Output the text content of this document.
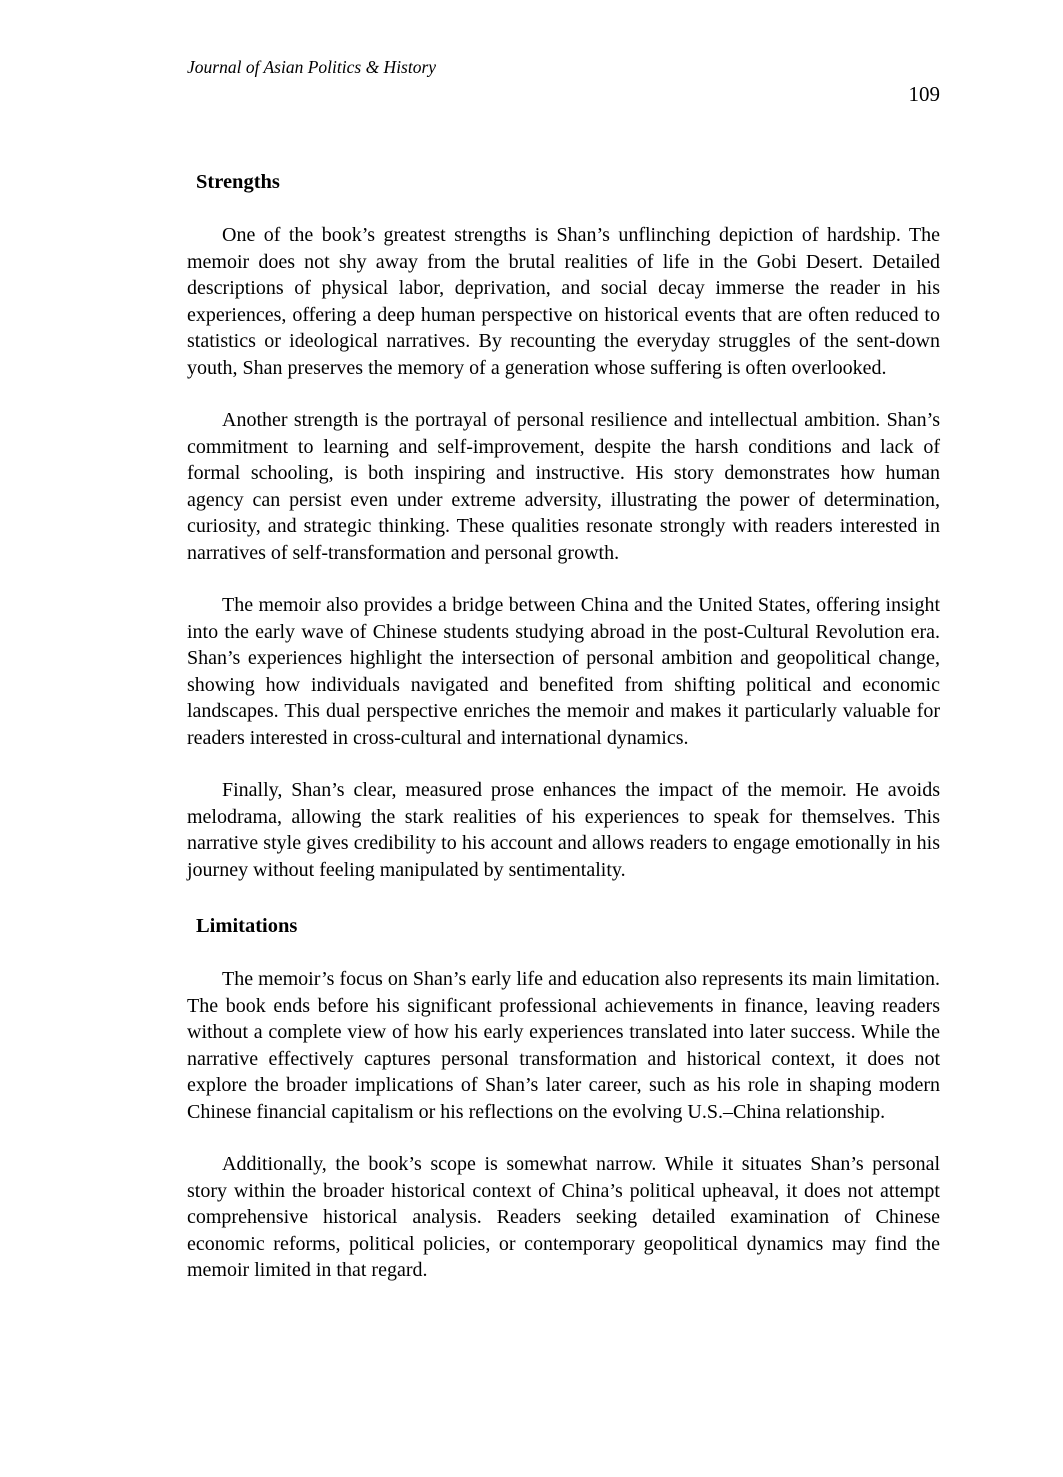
Journal of Asian Politics & History
109
Strengths

One of the book’s greatest strengths is Shan’s unflinching depiction of hardship. The memoir does not shy away from the brutal realities of life in the Gobi Desert. Detailed descriptions of physical labor, deprivation, and social decay immerse the reader in his experiences, offering a deep human perspective on historical events that are often reduced to statistics or ideological narratives. By recounting the everyday struggles of the sent-down youth, Shan preserves the memory of a generation whose suffering is often overlooked.

Another strength is the portrayal of personal resilience and intellectual ambition. Shan’s commitment to learning and self-improvement, despite the harsh conditions and lack of formal schooling, is both inspiring and instructive. His story demonstrates how human agency can persist even under extreme adversity, illustrating the power of determination, curiosity, and strategic thinking. These qualities resonate strongly with readers interested in narratives of self-transformation and personal growth.

The memoir also provides a bridge between China and the United States, offering insight into the early wave of Chinese students studying abroad in the post-Cultural Revolution era. Shan’s experiences highlight the intersection of personal ambition and geopolitical change, showing how individuals navigated and benefited from shifting political and economic landscapes. This dual perspective enriches the memoir and makes it particularly valuable for readers interested in cross-cultural and international dynamics.

Finally, Shan’s clear, measured prose enhances the impact of the memoir. He avoids melodrama, allowing the stark realities of his experiences to speak for themselves. This narrative style gives credibility to his account and allows readers to engage emotionally in his journey without feeling manipulated by sentimentality.

Limitations

The memoir’s focus on Shan’s early life and education also represents its main limitation. The book ends before his significant professional achievements in finance, leaving readers without a complete view of how his early experiences translated into later success. While the narrative effectively captures personal transformation and historical context, it does not explore the broader implications of Shan’s later career, such as his role in shaping modern Chinese financial capitalism or his reflections on the evolving U.S.–China relationship.

Additionally, the book’s scope is somewhat narrow. While it situates Shan’s personal story within the broader historical context of China’s political upheaval, it does not attempt comprehensive historical analysis. Readers seeking detailed examination of Chinese economic reforms, political policies, or contemporary geopolitical dynamics may find the memoir limited in that regard.
